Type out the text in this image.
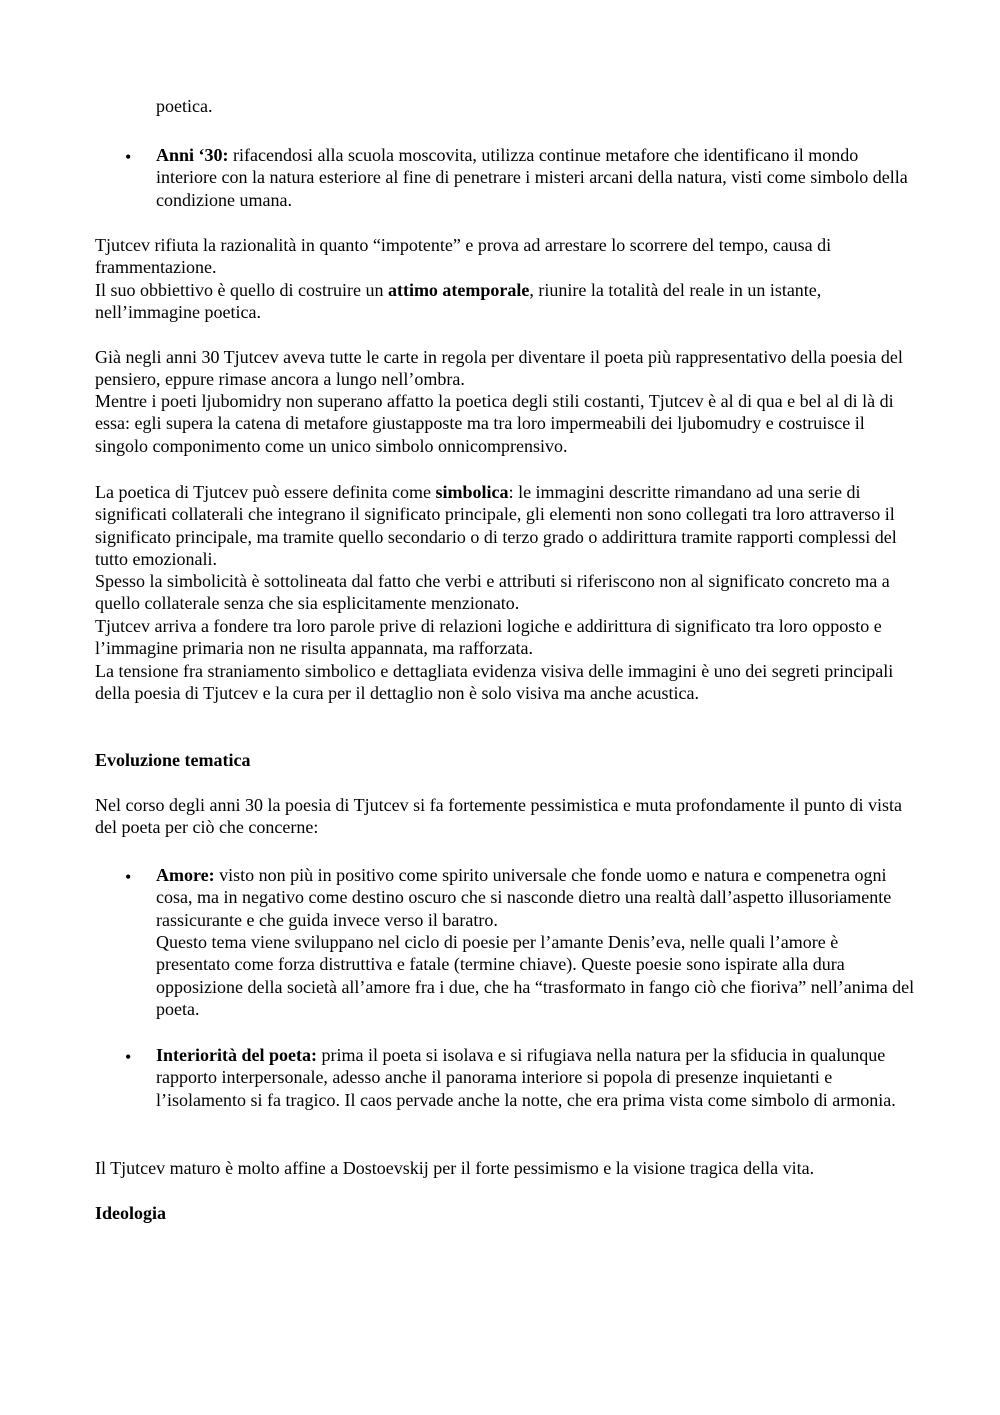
poetica.

• Anni ‘30: rifacendosi alla scuola moscovita, utilizza continue metafore che identificano il mondo interiore con la natura esteriore al fine di penetrare i misteri arcani della natura, visti come simbolo della condizione umana.

Tjutcev rifiuta la razionalità in quanto “impotente” e prova ad arrestare lo scorrere del tempo, causa di frammentazione.

Il suo obbiettivo è quello di costruire un attimo atemporale, riunire la totalità del reale in un istante, nell’immagine poetica.

Già negli anni 30 Tjutcev aveva tutte le carte in regola per diventare il poeta più rappresentativo della poesia del pensiero, eppure rimase ancora a lungo nell’ombra.

Mentre i poeti ljubomidry non superano affatto la poetica degli stili costanti, Tjutcev è al di qua e bel al di là di essa: egli supera la catena di metafore giustapposte ma tra loro impermeabili dei ljubomudry e costruisce il singolo componimento come un unico simbolo onnicomprensivo.

La poetica di Tjutcev può essere definita come simbolica: le immagini descritte rimandano ad una serie di significati collaterali che integrano il significato principale, gli elementi non sono collegati tra loro attraverso il significato principale, ma tramite quello secondario o di terzo grado o addirittura tramite rapporti complessi del tutto emozionali.

Spesso la simbolicità è sottolineata dal fatto che verbi e attributi si riferiscono non al significato concreto ma a quello collaterale senza che sia esplicitamente menzionato.

Tjutcev arriva a fondere tra loro parole prive di relazioni logiche e addirittura di significato tra loro opposto e l’immagine primaria non ne risulta appannata, ma rafforzata.

La tensione fra straniamento simbolico e dettagliata evidenza visiva delle immagini è uno dei segreti principali della poesia di Tjutcev e la cura per il dettaglio non è solo visiva ma anche acustica.

Evoluzione tematica

Nel corso degli anni 30 la poesia di Tjutcev si fa fortemente pessimistica e muta profondamente il punto di vista del poeta per ciò che concerne:

• Amore: visto non più in positivo come spirito universale che fonde uomo e natura e compenetra ogni cosa, ma in negativo come destino oscuro che si nasconde dietro una realtà dall’aspetto illusoriamente rassicurante e che guida invece verso il baratro.

Questo tema viene sviluppano nel ciclo di poesie per l’amante Denis’eva, nelle quali l’amore è presentato come forza distruttiva e fatale (termine chiave). Queste poesie sono ispirate alla dura opposizione della società all’amore fra i due, che ha “trasformato in fango ciò che fioriva” nell’anima del poeta.

• Interiorità del poeta: prima il poeta si isolava e si rifugiava nella natura per la sfiducia in qualunque rapporto interpersonale, adesso anche il panorama interiore si popola di presenze inquietanti e l’isolamento si fa tragico. Il caos pervade anche la notte, che era prima vista come simbolo di armonia.

Il Tjutcev maturo è molto affine a Dostoevskij per il forte pessimismo e la visione tragica della vita.

Ideologia
